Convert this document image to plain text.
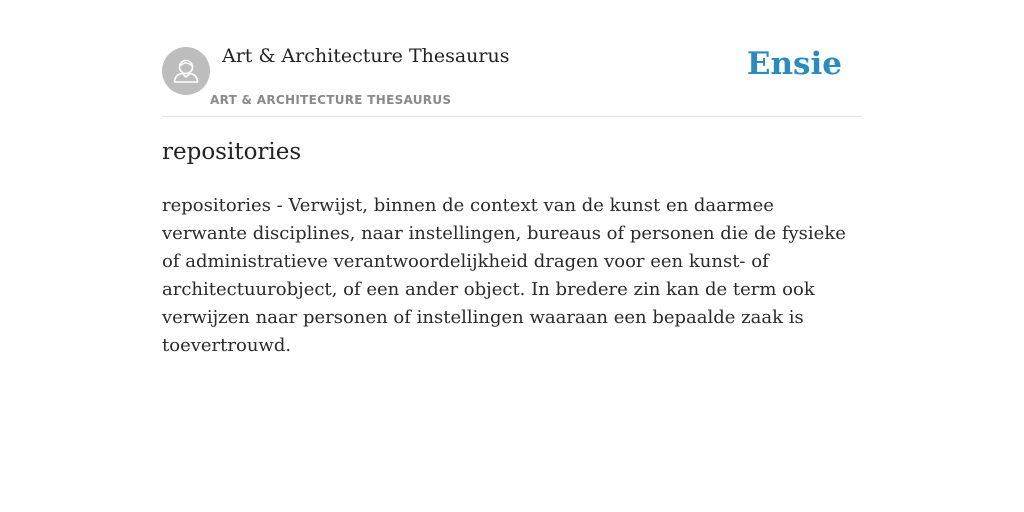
Art & Architecture Thesaurus
ART & ARCHITECTURE THESAURUS
Ensie
repositories

repositories - Verwijst, binnen de context van de kunst en daarmee verwante disciplines, naar instellingen, bureaus of personen die de fysieke of administratieve verantwoordelijkheid dragen voor een kunst- of architectuurobject, of een ander object. In bredere zin kan de term ook verwijzen naar personen of instellingen waaraan een bepaalde zaak is toevertrouwd.
